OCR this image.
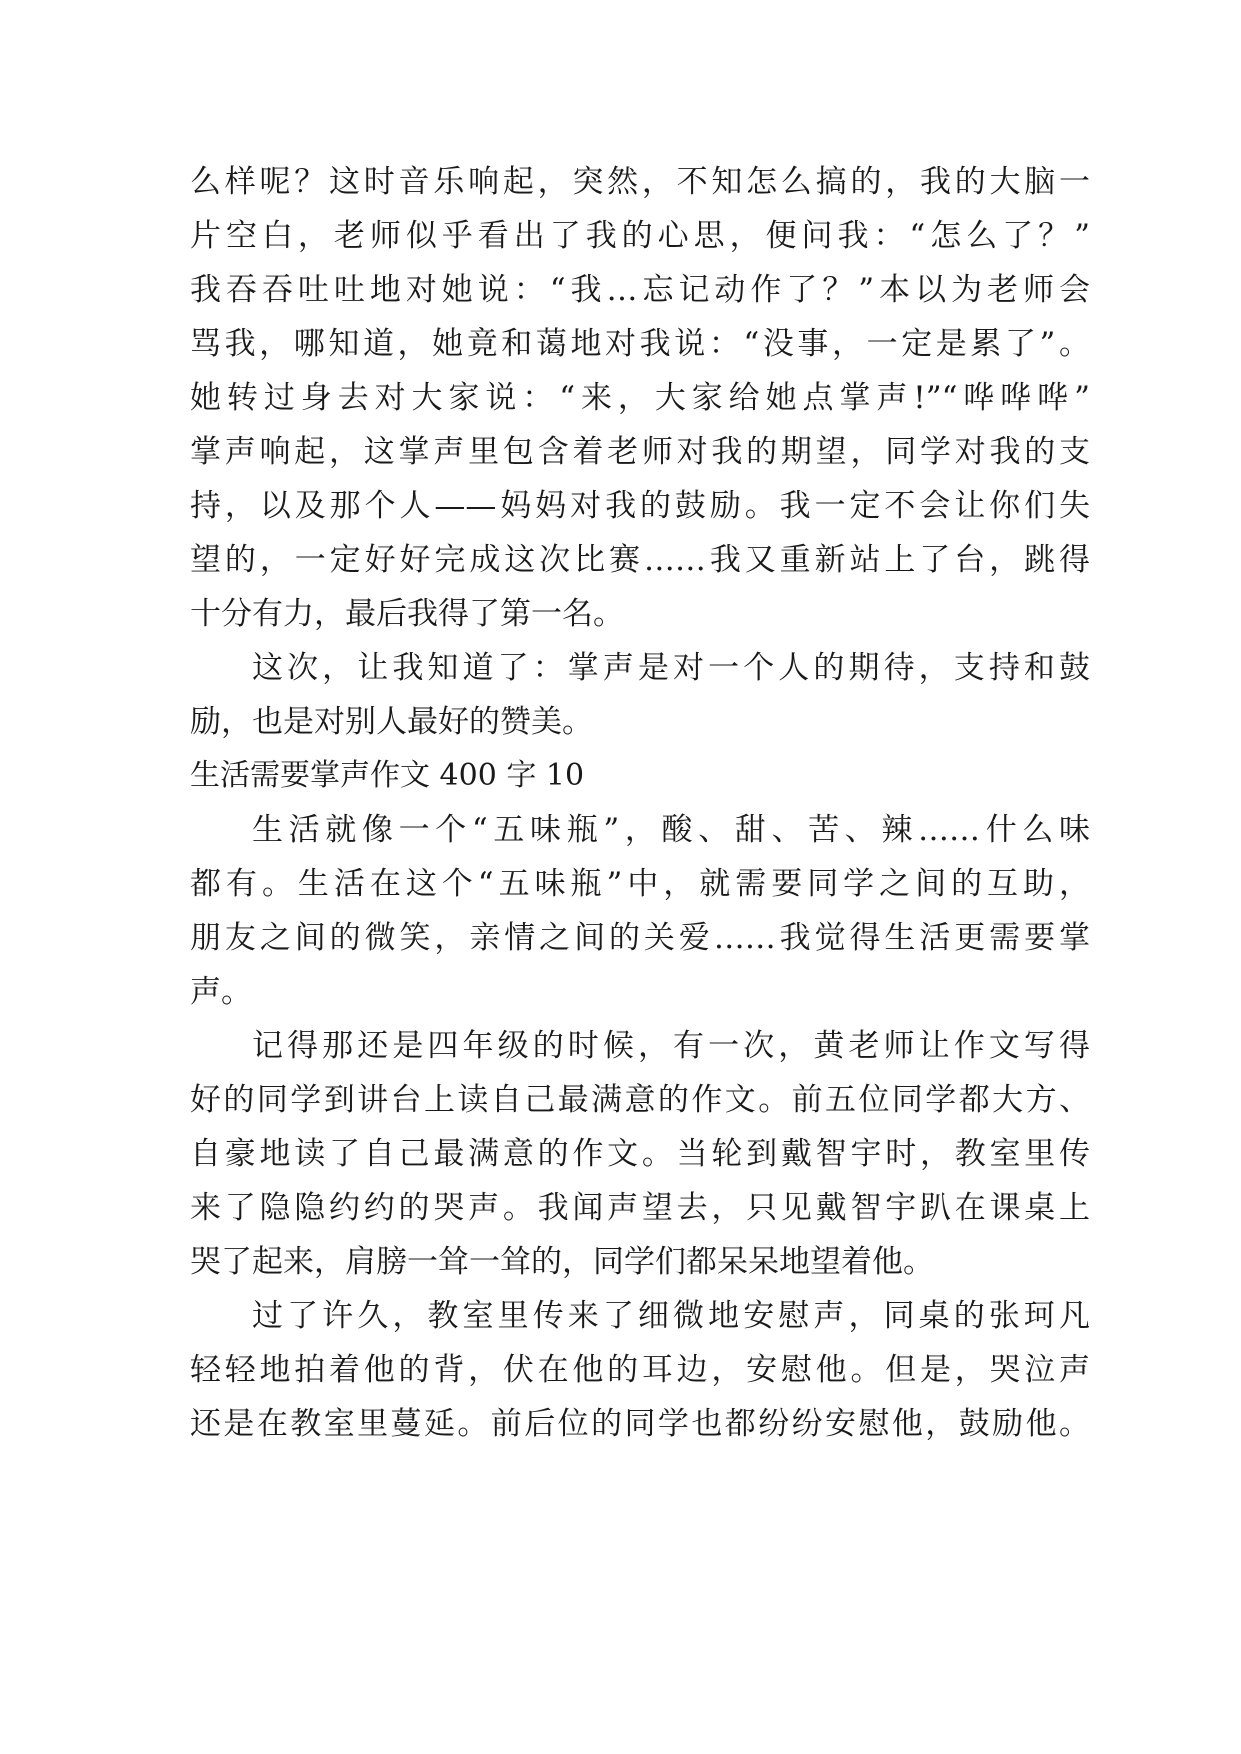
么样呢？这时音乐响起，突然，不知怎么搞的，我的大脑一
片空白，老师似乎看出了我的心思，便问我：“怎么了？”
我吞吞吐吐地对她说：“我…忘记动作了？”本以为老师会
骂我，哪知道，她竟和蔼地对我说：“没事，一定是累了”。
她转过身去对大家说：“来，大家给她点掌声!”“哗哗哗”
掌声响起，这掌声里包含着老师对我的期望，同学对我的支
持，以及那个人——妈妈对我的鼓励。我一定不会让你们失
望的，一定好好完成这次比赛……我又重新站上了台，跳得
十分有力，最后我得了第一名。
这次，让我知道了：掌声是对一个人的期待，支持和鼓
励，也是对别人最好的赞美。
生活需要掌声作文 400 字 10
生活就像一个“五味瓶”，酸、甜、苦、辣……什么味
都有。生活在这个“五味瓶”中，就需要同学之间的互助，
朋友之间的微笑，亲情之间的关爱……我觉得生活更需要掌
声。
记得那还是四年级的时候，有一次，黄老师让作文写得
好的同学到讲台上读自己最满意的作文。前五位同学都大方、
自豪地读了自己最满意的作文。当轮到戴智宇时，教室里传
来了隐隐约约的哭声。我闻声望去，只见戴智宇趴在课桌上
哭了起来，肩膀一耸一耸的，同学们都呆呆地望着他。
过了许久，教室里传来了细微地安慰声，同桌的张珂凡
轻轻地拍着他的背，伏在他的耳边，安慰他。但是，哭泣声
还是在教室里蔓延。前后位的同学也都纷纷安慰他，鼓励他。
